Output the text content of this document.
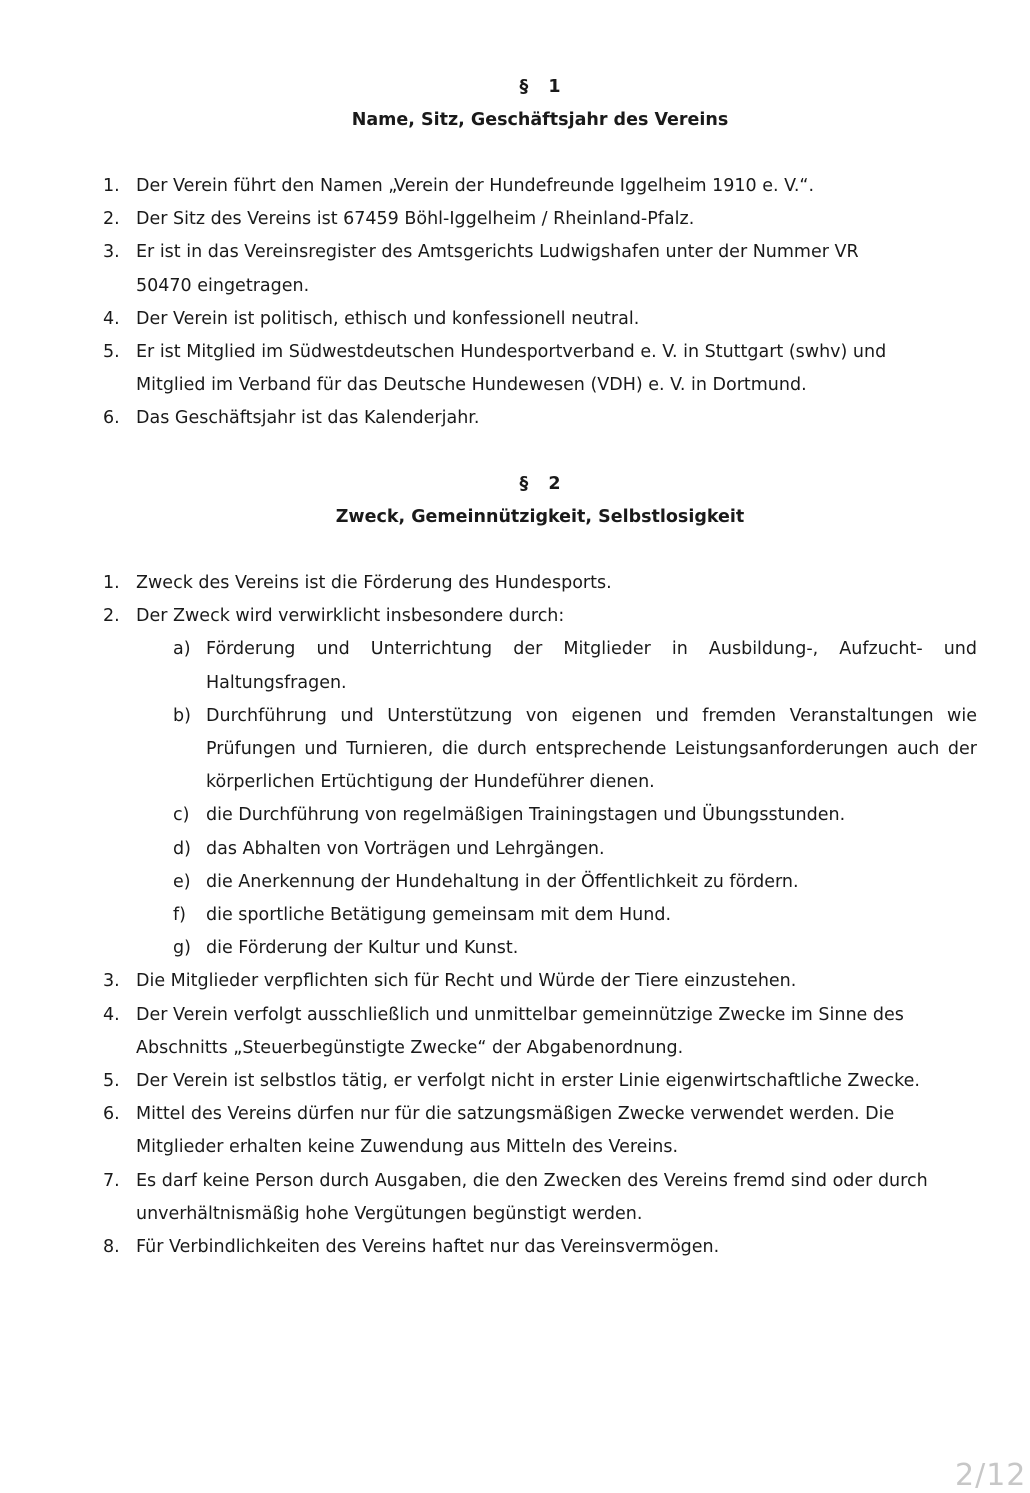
§ 1
Name, Sitz, Geschäftsjahr des Vereins
1. Der Verein führt den Namen „Verein der Hundefreunde Iggelheim 1910 e. V.“.
2. Der Sitz des Vereins ist 67459 Böhl-Iggelheim / Rheinland-Pfalz.
3. Er ist in das Vereinsregister des Amtsgerichts Ludwigshafen unter der Nummer VR 50470 eingetragen.
4. Der Verein ist politisch, ethisch und konfessionell neutral.
5. Er ist Mitglied im Südwestdeutschen Hundesportverband e. V. in Stuttgart (swhv) und Mitglied im Verband für das Deutsche Hundewesen (VDH) e. V. in Dortmund.
6. Das Geschäftsjahr ist das Kalenderjahr.
§ 2
Zweck, Gemeinnützigkeit, Selbstlosigkeit
1. Zweck des Vereins ist die Förderung des Hundesports.
2. Der Zweck wird verwirklicht insbesondere durch:
a) Förderung und Unterrichtung der Mitglieder in Ausbildung-, Aufzucht- und Haltungsfragen.
b) Durchführung und Unterstützung von eigenen und fremden Veranstaltungen wie Prüfungen und Turnieren, die durch entsprechende Leistungsanforderungen auch der körperlichen Ertüchtigung der Hundeführer dienen.
c) die Durchführung von regelmäßigen Trainingstagen und Übungsstunden.
d) das Abhalten von Vorträgen und Lehrgängen.
e) die Anerkennung der Hundehaltung in der Öffentlichkeit zu fördern.
f) die sportliche Betätigung gemeinsam mit dem Hund.
g) die Förderung der Kultur und Kunst.
3. Die Mitglieder verpflichten sich für Recht und Würde der Tiere einzustehen.
4. Der Verein verfolgt ausschließlich und unmittelbar gemeinnützige Zwecke im Sinne des Abschnitts „Steuerbegünstigte Zwecke“ der Abgabenordnung.
5. Der Verein ist selbstlos tätig, er verfolgt nicht in erster Linie eigenwirtschaftliche Zwecke.
6. Mittel des Vereins dürfen nur für die satzungsmäßigen Zwecke verwendet werden. Die Mitglieder erhalten keine Zuwendung aus Mitteln des Vereins.
7. Es darf keine Person durch Ausgaben, die den Zwecken des Vereins fremd sind oder durch unverhältnismäßig hohe Vergütungen begünstigt werden.
8. Für Verbindlichkeiten des Vereins haftet nur das Vereinsvermögen.
2/12
